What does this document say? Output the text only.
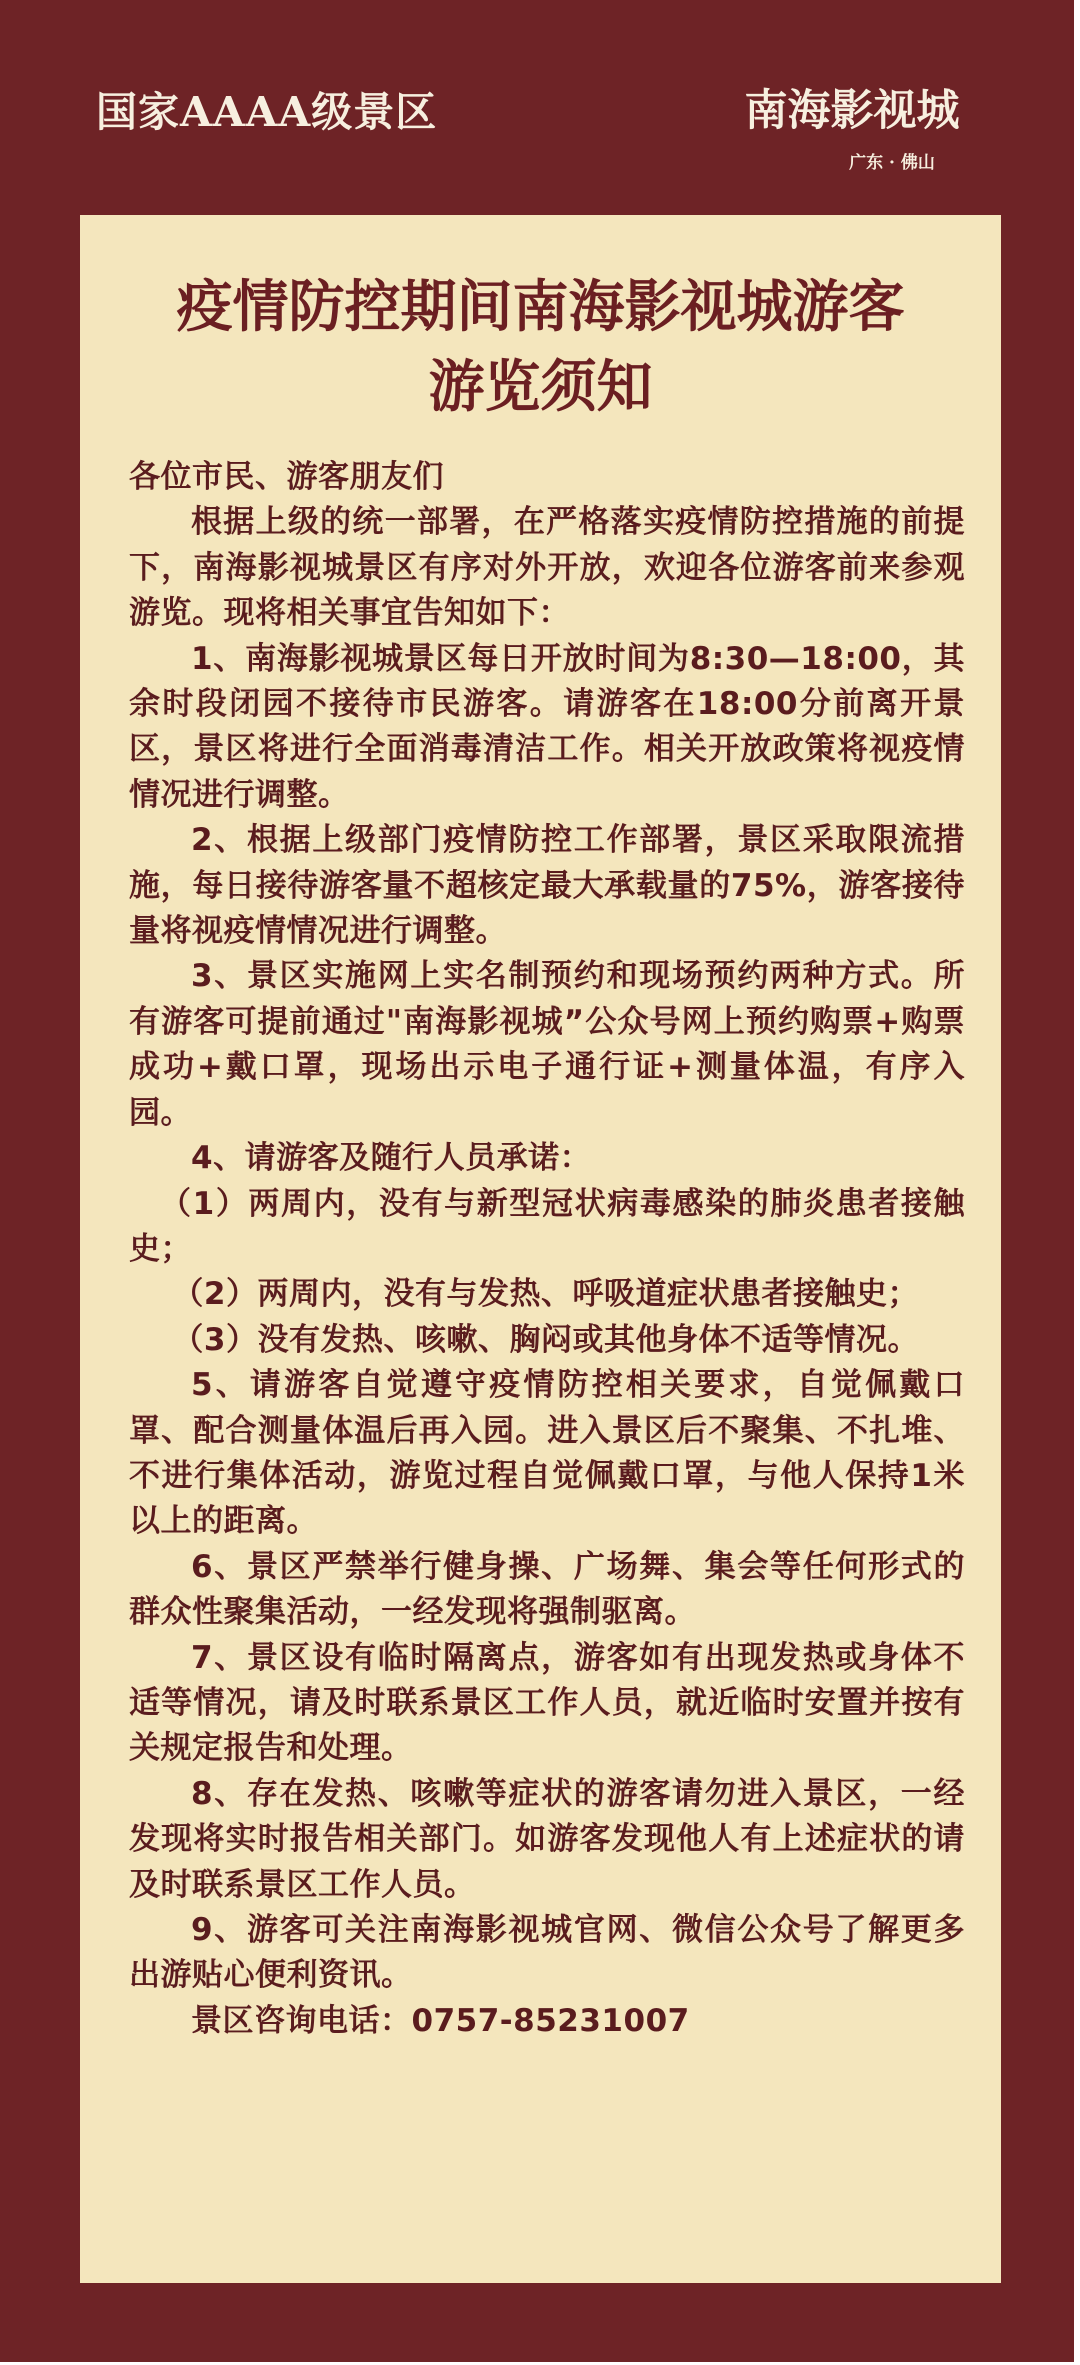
国家AAAA级景区	南海影视城
广东 · 佛山
疫情防控期间南海影视城游客
游览须知

各位市民、游客朋友们

根据上级的统一部署，在严格落实疫情防控措施的前提下，南海影视城景区有序对外开放，欢迎各位游客前来参观游览。现将相关事宜告知如下：

1、南海影视城景区每日开放时间为8:30—18:00，其余时段闭园不接待市民游客。请游客在18:00分前离开景区，景区将进行全面消毒清洁工作。相关开放政策将视疫情情况进行调整。

2、根据上级部门疫情防控工作部署，景区采取限流措施，每日接待游客量不超核定最大承载量的75%，游客接待量将视疫情情况进行调整。

3、景区实施网上实名制预约和现场预约两种方式。所有游客可提前通过"南海影视城”公众号网上预约购票+购票成功+戴口罩，现场出示电子通行证+测量体温，有序入园。

4、请游客及随行人员承诺：

（1）两周内，没有与新型冠状病毒感染的肺炎患者接触史；

（2）两周内，没有与发热、呼吸道症状患者接触史；

（3）没有发热、咳嗽、胸闷或其他身体不适等情况。

5、请游客自觉遵守疫情防控相关要求，自觉佩戴口罩、配合测量体温后再入园。进入景区后不聚集、不扎堆、不进行集体活动，游览过程自觉佩戴口罩，与他人保持1米以上的距离。

6、景区严禁举行健身操、广场舞、集会等任何形式的群众性聚集活动，一经发现将强制驱离。

7、景区设有临时隔离点，游客如有出现发热或身体不适等情况，请及时联系景区工作人员，就近临时安置并按有关规定报告和处理。

8、存在发热、咳嗽等症状的游客请勿进入景区，一经发现将实时报告相关部门。如游客发现他人有上述症状的请及时联系景区工作人员。

9、游客可关注南海影视城官网、微信公众号了解更多出游贴心便利资讯。

景区咨询电话：0757-85231007
